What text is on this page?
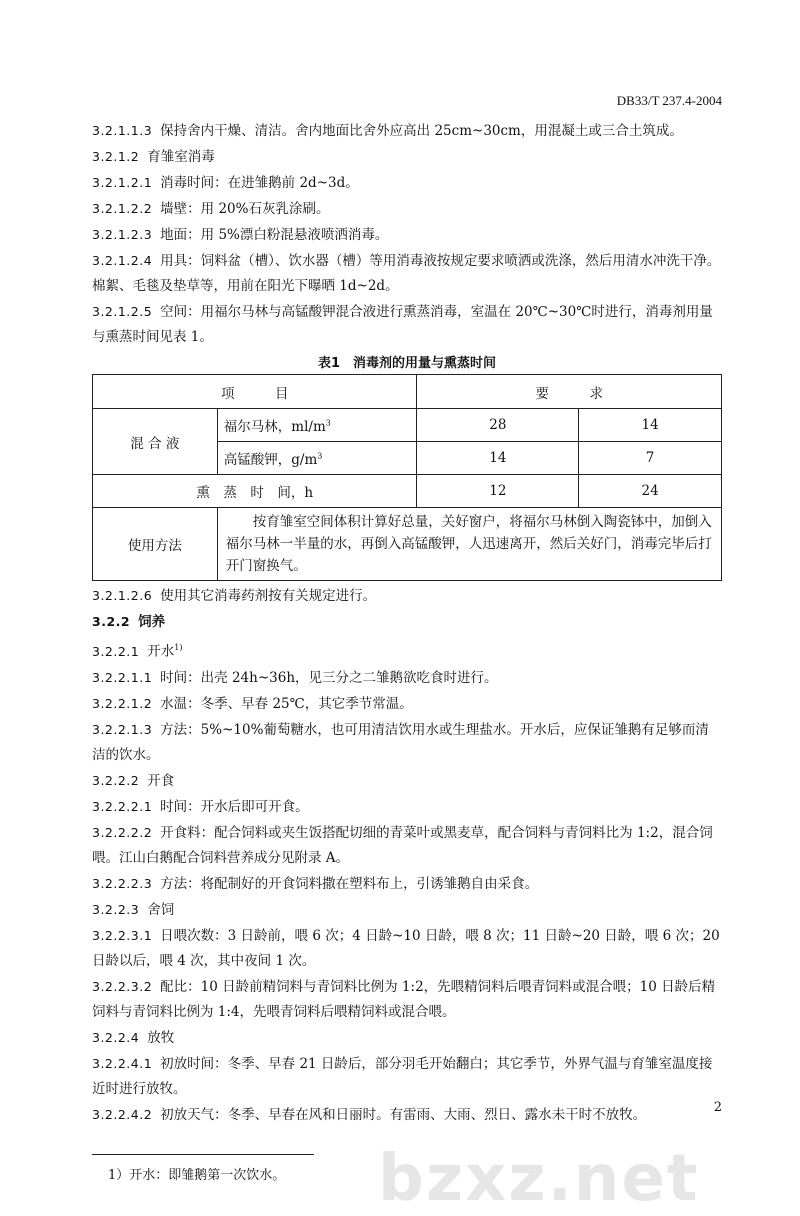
DB33/T 237.4-2004
3.2.1.1.3 保持舍内干燥、清洁。舍内地面比舍外应高出 25cm~30cm，用混凝土或三合土筑成。
3.2.1.2 育雏室消毒
3.2.1.2.1 消毒时间：在进雏鹅前 2d~3d。
3.2.1.2.2 墙壁：用 20%石灰乳涂刷。
3.2.1.2.3 地面：用 5%漂白粉混悬液喷洒消毒。
3.2.1.2.4 用具：饲料盆（槽）、饮水器（槽）等用消毒液按规定要求喷洒或洗涤，然后用清水冲洗干净。棉絮、毛毯及垫草等，用前在阳光下曝晒 1d~2d。
3.2.1.2.5 空间：用福尔马林与高锰酸钾混合液进行熏蒸消毒，室温在 20℃~30℃时进行，消毒剂用量与熏蒸时间见表 1。
表1　消毒剂的用量与熏蒸时间
项　　　目		要　　　求	
混 合 液	福尔马林，$ml/m^3$	28	14
	高锰酸钾，$g/m^3$	14	7
熏　蒸　时　间，h		12	24
使用方法	　　按育雏室空间体积计算好总量，关好窗户，将福尔马林倒入陶瓷钵中，加倒入福尔马林一半量的水，再倒入高锰酸钾，人迅速离开，然后关好门，消毒完毕后打开门窗换气。		
3.2.1.2.6 使用其它消毒药剂按有关规定进行。
3.2.2 饲养
3.2.2.1 开水$^{1)}$
3.2.2.1.1 时间：出壳 24h~36h，见三分之二雏鹅欲吃食时进行。
3.2.2.1.2 水温：冬季、早春 25℃，其它季节常温。
3.2.2.1.3 方法：5%~10%葡萄糖水，也可用清洁饮用水或生理盐水。开水后，应保证雏鹅有足够而清洁的饮水。
3.2.2.2 开食
3.2.2.2.1 时间：开水后即可开食。
3.2.2.2.2 开食料：配合饲料或夹生饭搭配切细的青菜叶或黑麦草，配合饲料与青饲料比为 1:2，混合饲喂。江山白鹅配合饲料营养成分见附录 A。
3.2.2.2.3 方法：将配制好的开食饲料撒在塑料布上，引诱雏鹅自由采食。
3.2.2.3 舍饲
3.2.2.3.1 日喂次数：3 日龄前，喂 6 次；4 日龄~10 日龄，喂 8 次；11 日龄~20 日龄，喂 6 次；20 日龄以后，喂 4 次，其中夜间 1 次。
3.2.2.3.2 配比：10 日龄前精饲料与青饲料比例为 1:2，先喂精饲料后喂青饲料或混合喂；10 日龄后精饲料与青饲料比例为 1:4，先喂青饲料后喂精饲料或混合喂。
3.2.2.4 放牧
3.2.2.4.1 初放时间：冬季、早春 21 日龄后，部分羽毛开始翻白；其它季节，外界气温与育雏室温度接近时进行放牧。
3.2.2.4.2 初放天气：冬季、早春在风和日丽时。有雷雨、大雨、烈日、露水未干时不放牧。
bzxz.net
2
1）开水：即雏鹅第一次饮水。
